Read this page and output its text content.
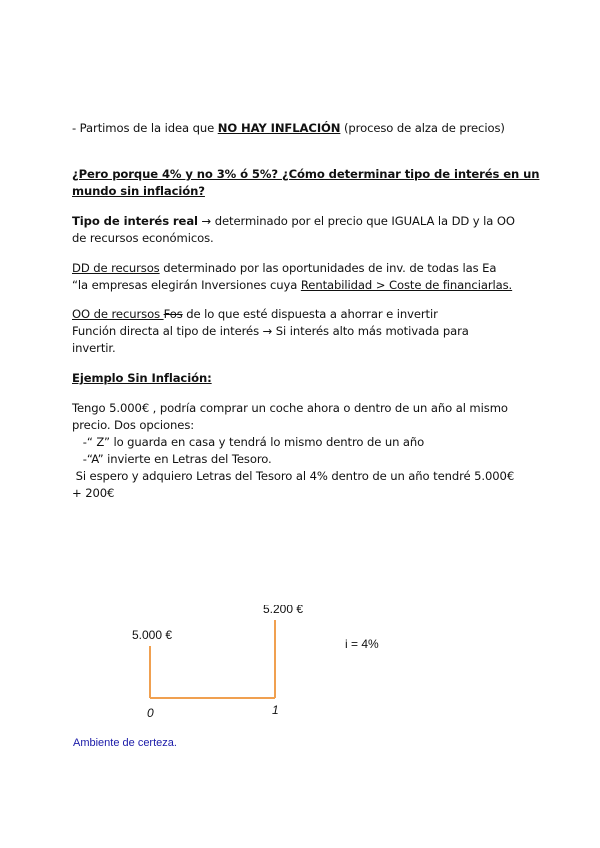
- Partimos de la idea que NO HAY INFLACIÓN (proceso de alza de precios)
¿Pero porque 4% y no 3% ó 5%? ¿Cómo determinar tipo de interés en un
mundo sin inflación?
Tipo de interés real → determinado por el precio que IGUALA la DD y la OO
de recursos económicos.
DD de recursos determinado por las oportunidades de inv. de todas las Ea
“la empresas elegirán Inversiones cuya Rentabilidad > Coste de financiarlas.
OO de recursos Fos de lo que esté dispuesta a ahorrar e invertir
Función directa al tipo de interés → Si interés alto más motivada para
invertir.
Ejemplo Sin Inflación:
Tengo 5.000€ , podría comprar un coche ahora o dentro de un año al mismo
precio. Dos opciones:
-“ Z” lo guarda en casa y tendrá lo mismo dentro de un año
-“A” invierte en Letras del Tesoro.
Si espero y adquiero Letras del Tesoro al 4% dentro de un año tendré 5.000€
+ 200€
5.200 €
5.000 €
i = 4%
0	1
Ambiente de certeza.
